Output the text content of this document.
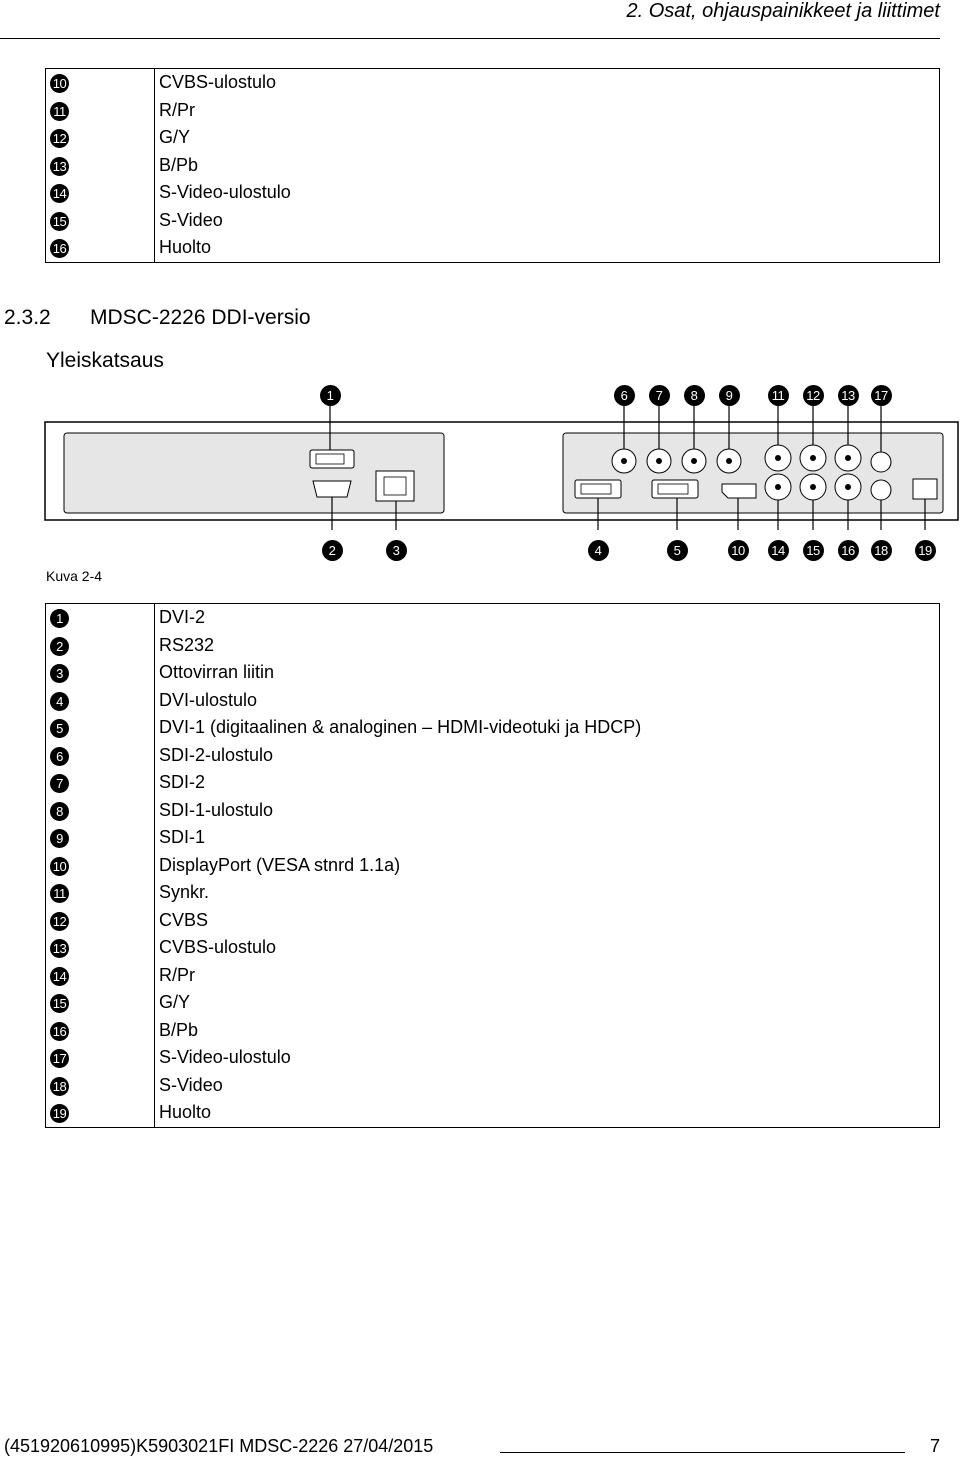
2. Osat, ohjauspainikkeet ja liittimet
10	CVBS-ulostulo
11	R/Pr
12	G/Y
13	B/Pb
14	S-Video-ulostulo
15	S-Video
16	Huolto
2.3.2 MDSC-2226 DDI-versio
Yleiskatsaus
1	6	7	8	9	11	12 13 17
2	3	4	5	10 14 15 16 18 19
Kuva 2-4
1	DVI-2
2	RS232
3	Ottovirran liitin
4	DVI-ulostulo
5	DVI-1 (digitaalinen & analoginen – HDMI-videotuki ja HDCP)
6	SDI-2-ulostulo
7	SDI-2
8	SDI-1-ulostulo
9	SDI-1
10	DisplayPort (VESA stnrd 1.1a)
11	Synkr.
12	CVBS
13	CVBS-ulostulo
14	R/Pr
15	G/Y
16	B/Pb
17	S-Video-ulostulo
18	S-Video
19	Huolto
(451920610995)K5903021FI MDSC-2226 27/04/2015	7
